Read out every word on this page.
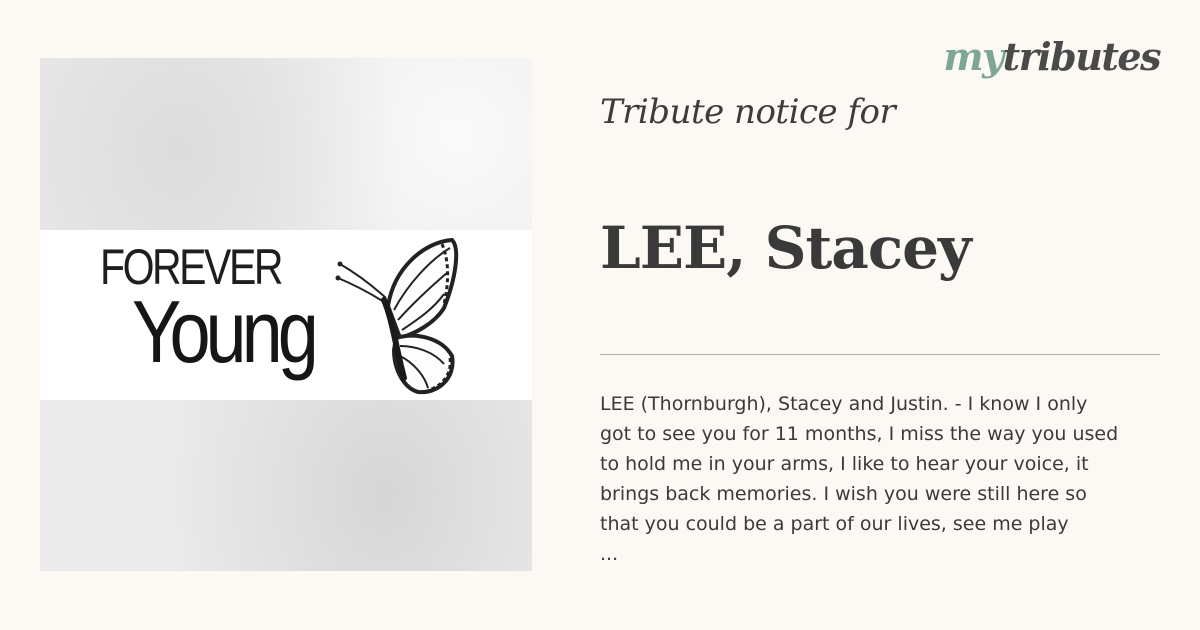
FOREVER
Young
mytributes
Tribute notice for
LEE, Stacey

LEE (Thornburgh), Stacey and Justin. - I know I only
got to see you for 11 months, I miss the way you used
to hold me in your arms, I like to hear your voice, it
brings back memories. I wish you were still here so
that you could be a part of our lives, see me play
...
